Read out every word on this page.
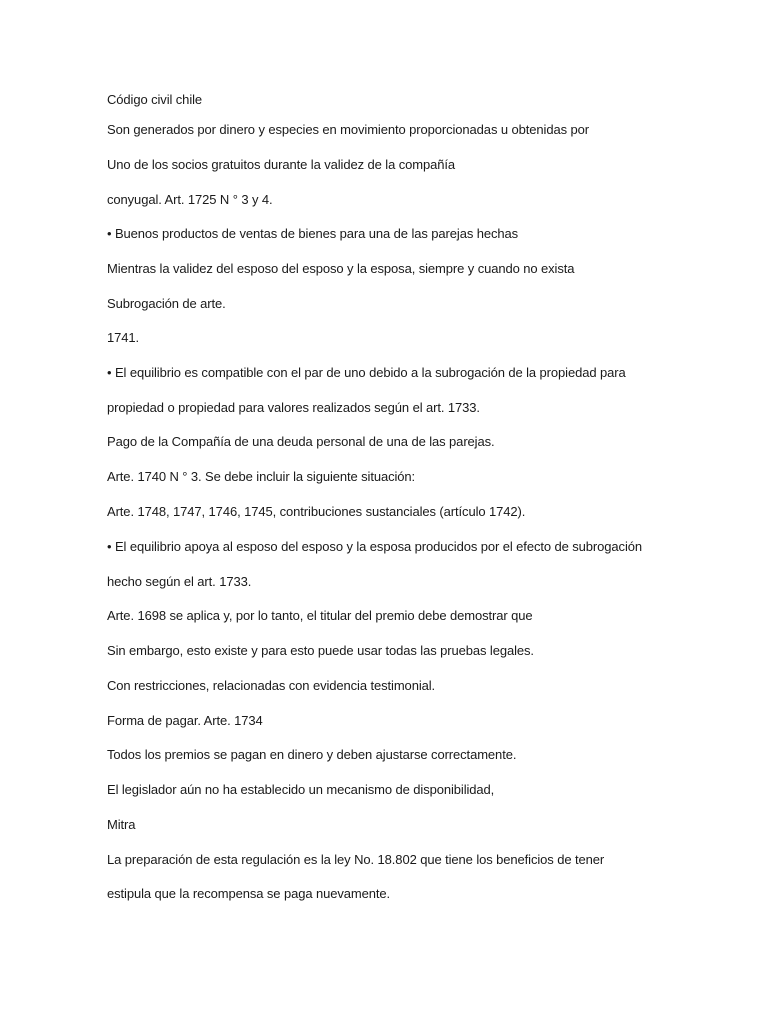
Código civil chile
Son generados por dinero y especies en movimiento proporcionadas u obtenidas por
Uno de los socios gratuitos durante la validez de la compañía
conyugal. Art. 1725 N ° 3 y 4.
• Buenos productos de ventas de bienes para una de las parejas hechas
Mientras la validez del esposo del esposo y la esposa, siempre y cuando no exista
Subrogación de arte.
1741.
• El equilibrio es compatible con el par de uno debido a la subrogación de la propiedad para
propiedad o propiedad para valores realizados según el art. 1733.
Pago de la Compañía de una deuda personal de una de las parejas.
Arte. 1740 N ° 3. Se debe incluir la siguiente situación:
Arte. 1748, 1747, 1746, 1745, contribuciones sustanciales (artículo 1742).
• El equilibrio apoya al esposo del esposo y la esposa producidos por el efecto de subrogación
hecho según el art. 1733.
Arte. 1698 se aplica y, por lo tanto, el titular del premio debe demostrar que
Sin embargo, esto existe y para esto puede usar todas las pruebas legales.
Con restricciones, relacionadas con evidencia testimonial.
Forma de pagar. Arte. 1734
Todos los premios se pagan en dinero y deben ajustarse correctamente.
El legislador aún no ha establecido un mecanismo de disponibilidad,
Mitra
La preparación de esta regulación es la ley No. 18.802 que tiene los beneficios de tener
estipula que la recompensa se paga nuevamente.
